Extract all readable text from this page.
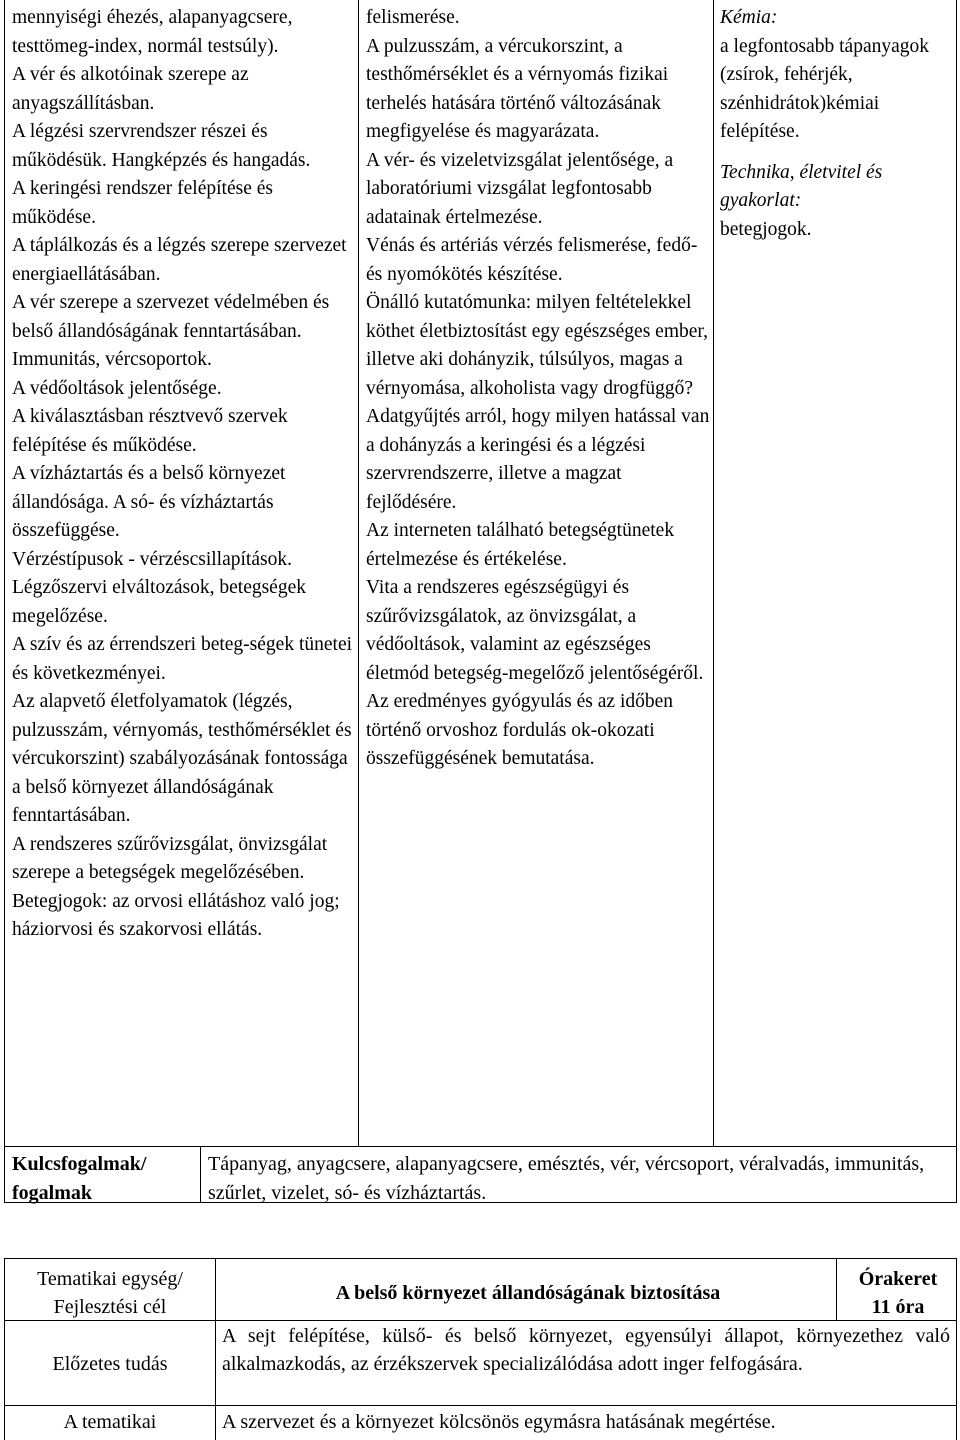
mennyiségi éhezés, alapanyagcsere, testtömeg-index, normál testsúly).

A vér és alkotóinak szerepe az anyagszállításban.

A légzési szervrendszer részei és működésük. Hangképzés és hangadás.

A keringési rendszer felépítése és működése.

A táplálkozás és a légzés szerepe szervezet energiaellátásában.

A vér szerepe a szervezet védelmében és belső állandóságának fenntartásában.

Immunitás, vércsoportok.

A védőoltások jelentősége.

A kiválasztásban résztvevő szervek felépítése és működése.

A vízháztartás és a belső környezet állandósága. A só- és vízháztartás összefüggése.

Vérzéstípusok - vérzéscsillapítások.

Légzőszervi elváltozások, betegségek megelőzése.

A szív és az érrendszeri beteg-ségek tünetei és következményei.

Az alapvető életfolyamatok (légzés, pulzusszám, vérnyomás, testhőmérséklet és vércukorszint) szabályozásának fontossága a belső környezet állandóságának fenntartásában.

A rendszeres szűrővizsgálat, önvizsgálat szerepe a betegségek megelőzésében.

Betegjogok: az orvosi ellátáshoz való jog; háziorvosi és szakorvosi ellátás.

felismerése.

A pulzusszám, a vércukorszint, a testhőmérséklet és a vérnyomás fizikai terhelés hatására történő változásának megfigyelése és magyarázata.

A vér- és vizeletvizsgálat jelentősége, a laboratóriumi vizsgálat legfontosabb adatainak értelmezése.

Vénás és artériás vérzés felismerése, fedő- és nyomókötés készítése.

Önálló kutatómunka: milyen feltételekkel köthet életbiztosítást egy egészséges ember, illetve aki dohányzik, túlsúlyos, magas a vérnyomása, alkoholista vagy drogfüggő?

Adatgyűjtés arról, hogy milyen hatással van a dohányzás a keringési és a légzési szervrendszerre, illetve a magzat fejlődésére.

Az interneten található betegségtünetek értelmezése és értékelése.

Vita a rendszeres egészségügyi és szűrővizsgálatok, az önvizsgálat, a védőoltások, valamint az egészséges életmód betegség-megelőző jelentőségéről.

Az eredményes gyógyulás és az időben történő orvoshoz fordulás ok-okozati összefüggésének bemutatása.

Kémia:

a legfontosabb tápanyagok (zsírok, fehérjék, szénhidrátok)kémiai felépítése.

Technika, életvitel és gyakorlat:

betegjogok.

Kulcsfogalmak/ fogalmak
Tápanyag, anyagcsere, alapanyagcsere, emésztés, vér, vércsoport, véralvadás, immunitás, szűrlet, vizelet, só- és vízháztartás.
Tematikai egység/ Fejlesztési cél
A belső környezet állandóságának biztosítása
Órakeret
11 óra
Előzetes tudás
A sejt felépítése, külső- és belső környezet, egyensúlyi állapot, környezethez való alkalmazkodás, az érzékszervek specializálódása adott inger felfogására.
A tematikai	A szervezet és a környezet kölcsönös egymásra hatásának megértése.
